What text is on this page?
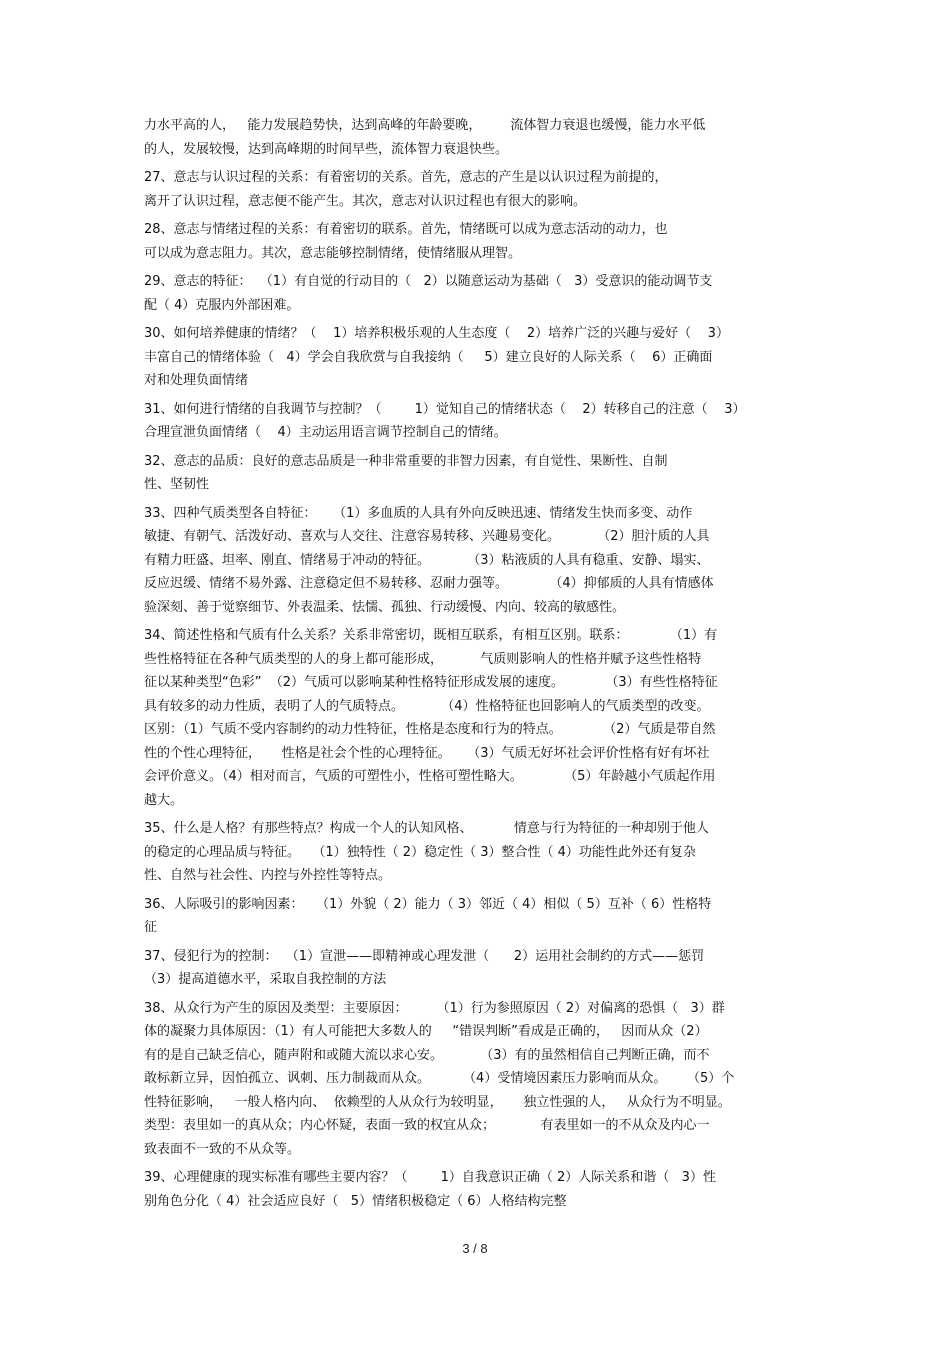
力水平高的人，   能力发展趋势快，达到高峰的年龄要晚，       流体智力衰退也缓慢，能力水平低
的人，发展较慢，达到高峰期的时间早些，流体智力衰退快些。
27、意志与认识过程的关系：有着密切的关系。首先，意志的产生是以认识过程为前提的，
离开了认识过程，意志便不能产生。其次，意志对认识过程也有很大的影响。
28、意志与情绪过程的关系：有着密切的联系。首先，情绪既可以成为意志活动的动力，也
可以成为意志阻力。其次，意志能够控制情绪，使情绪服从理智。
29、意志的特征：  （1）有自觉的行动目的（   2）以随意运动为基础（   3）受意识的能动调节支
配（ 4）克服内外部困难。
30、如何培养健康的情绪？（    1）培养积极乐观的人生态度（    2）培养广泛的兴趣与爱好（    3）
丰富自己的情绪体验（   4）学会自我欣赏与自我接纳（     5）建立良好的人际关系（    6）正确面
对和处理负面情绪
31、如何进行情绪的自我调节与控制？（        1）觉知自己的情绪状态（    2）转移自己的注意（    3）
合理宣泄负面情绪（    4）主动运用语言调节控制自己的情绪。
32、意志的品质：良好的意志品质是一种非常重要的非智力因素，有自觉性、果断性、自制
性、坚韧性
33、四种气质类型各自特征：    （1）多血质的人具有外向反映迅速、情绪发生快而多变、动作
敏捷、有朝气、活泼好动、喜欢与人交往、注意容易转移、兴趣易变化。         （2）胆汁质的人具
有精力旺盛、坦率、刚直、情绪易于冲动的特征。         （3）粘液质的人具有稳重、安静、塌实、
反应迟缓、情绪不易外露、注意稳定但不易转移、忍耐力强等。          （4）抑郁质的人具有情感体
验深刻、善于觉察细节、外表温柔、怯懦、孤独、行动缓慢、内向、较高的敏感性。
34、简述性格和气质有什么关系？关系非常密切，既相互联系，有相互区别。联系：          （1）有
些性格特征在各种气质类型的人的身上都可能形成，         气质则影响人的性格并赋予这些性格特
征以某种类型“色彩”  （2）气质可以影响某种性格特征形成发展的速度。          （3）有些性格特征
具有较多的动力性质，表明了人的气质特点。         （4）性格特征也回影响人的气质类型的改变。
区别：（1）气质不受内容制约的动力性特征，性格是态度和行为的特点。          （2）气质是带自然
性的个性心理特征，     性格是社会个性的心理特征。    （3）气质无好坏社会评价性格有好有坏社
会评价意义。（4）相对而言，气质的可塑性小，性格可塑性略大。          （5）年龄越小气质起作用
越大。
35、什么是人格？有那些特点？构成一个人的认知风格、          情意与行为特征的一种却别于他人
的稳定的心理品质与特征。   （1）独特性（ 2）稳定性（ 3）整合性（ 4）功能性此外还有复杂
性、自然与社会性、内控与外控性等特点。
36、人际吸引的影响因素：   （1）外貌（ 2）能力（ 3）邻近（ 4）相似（ 5）互补（ 6）性格特
征
37、侵犯行为的控制：  （1）宣泄——即精神或心理发泄（      2）运用社会制约的方式——惩罚
（3）提高道德水平，采取自我控制的方法
38、从众行为产生的原因及类型：主要原因：       （1）行为参照原因（ 2）对偏离的恐惧（   3）群
体的凝聚力具体原因：（1）有人可能把大多数人的     “错误判断”看成是正确的，   因而从众（2）
有的是自己缺乏信心，随声附和或随大流以求心安。         （3）有的虽然相信自己判断正确，而不
敢标新立异，因怕孤立、讽刺、压力制裁而从众。        （4）受情境因素压力影响而从众。     （5）个
性特征影响，   一般人格内向、  依赖型的人从众行为较明显，     独立性强的人，   从众行为不明显。
类型：表里如一的真从众；内心怀疑，表面一致的权宜从众；           有表里如一的不从众及内心一
致表面不一致的不从众等。
39、心理健康的现实标准有哪些主要内容？（        1）自我意识正确（ 2）人际关系和谐（   3）性
别角色分化（ 4）社会适应良好（   5）情绪积极稳定（ 6）人格结构完整
3 / 8
